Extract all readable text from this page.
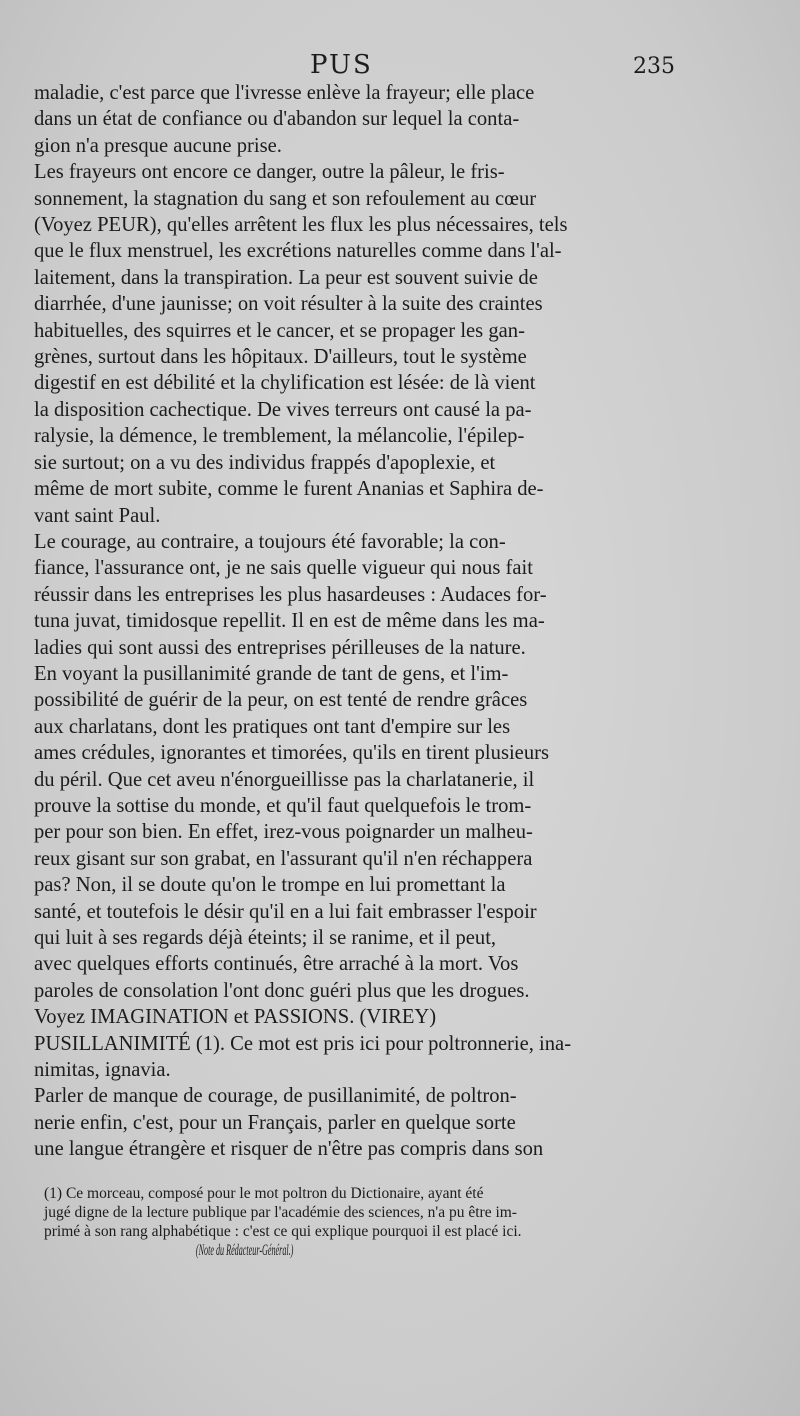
PUS	235
maladie, c'est parce que l'ivresse enlève la frayeur; elle place
dans un état de confiance ou d'abandon sur lequel la conta-
gion n'a presque aucune prise.
Les frayeurs ont encore ce danger, outre la pâleur, le fris-
sonnement, la stagnation du sang et son refoulement au cœur
(Voyez PEUR), qu'elles arrêtent les flux les plus nécessaires, tels
que le flux menstruel, les excrétions naturelles comme dans l'al-
laitement, dans la transpiration. La peur est souvent suivie de
diarrhée, d'une jaunisse; on voit résulter à la suite des craintes
habituelles, des squirres et le cancer, et se propager les gan-
grènes, surtout dans les hôpitaux. D'ailleurs, tout le système
digestif en est débilité et la chylification est lésée: de là vient
la disposition cachectique. De vives terreurs ont causé la pa-
ralysie, la démence, le tremblement, la mélancolie, l'épilep-
sie surtout; on a vu des individus frappés d'apoplexie, et
même de mort subite, comme le furent Ananias et Saphira de-
vant saint Paul.
Le courage, au contraire, a toujours été favorable; la con-
fiance, l'assurance ont, je ne sais quelle vigueur qui nous fait
réussir dans les entreprises les plus hasardeuses : Audaces for-
tuna juvat, timidosque repellit. Il en est de même dans les ma-
ladies qui sont aussi des entreprises périlleuses de la nature.
En voyant la pusillanimité grande de tant de gens, et l'im-
possibilité de guérir de la peur, on est tenté de rendre grâces
aux charlatans, dont les pratiques ont tant d'empire sur les
ames crédules, ignorantes et timorées, qu'ils en tirent plusieurs
du péril. Que cet aveu n'énorgueillisse pas la charlatanerie, il
prouve la sottise du monde, et qu'il faut quelquefois le trom-
per pour son bien. En effet, irez-vous poignarder un malheu-
reux gisant sur son grabat, en l'assurant qu'il n'en réchappera
pas? Non, il se doute qu'on le trompe en lui promettant la
santé, et toutefois le désir qu'il en a lui fait embrasser l'espoir
qui luit à ses regards déjà éteints; il se ranime, et il peut,
avec quelques efforts continués, être arraché à la mort. Vos
paroles de consolation l'ont donc guéri plus que les drogues.
Voyez IMAGINATION et PASSIONS. (VIREY)
PUSILLANIMITÉ (1). Ce mot est pris ici pour poltronnerie, ina-
nimitas, ignavia.
Parler de manque de courage, de pusillanimité, de poltron-
nerie enfin, c'est, pour un Français, parler en quelque sorte
une langue étrangère et risquer de n'être pas compris dans son
(1) Ce morceau, composé pour le mot poltron du Dictionaire, ayant été
jugé digne de la lecture publique par l'académie des sciences, n'a pu être im-
primé à son rang alphabétique : c'est ce qui explique pourquoi il est placé ici.
(Note du Rédacteur-Général.)
